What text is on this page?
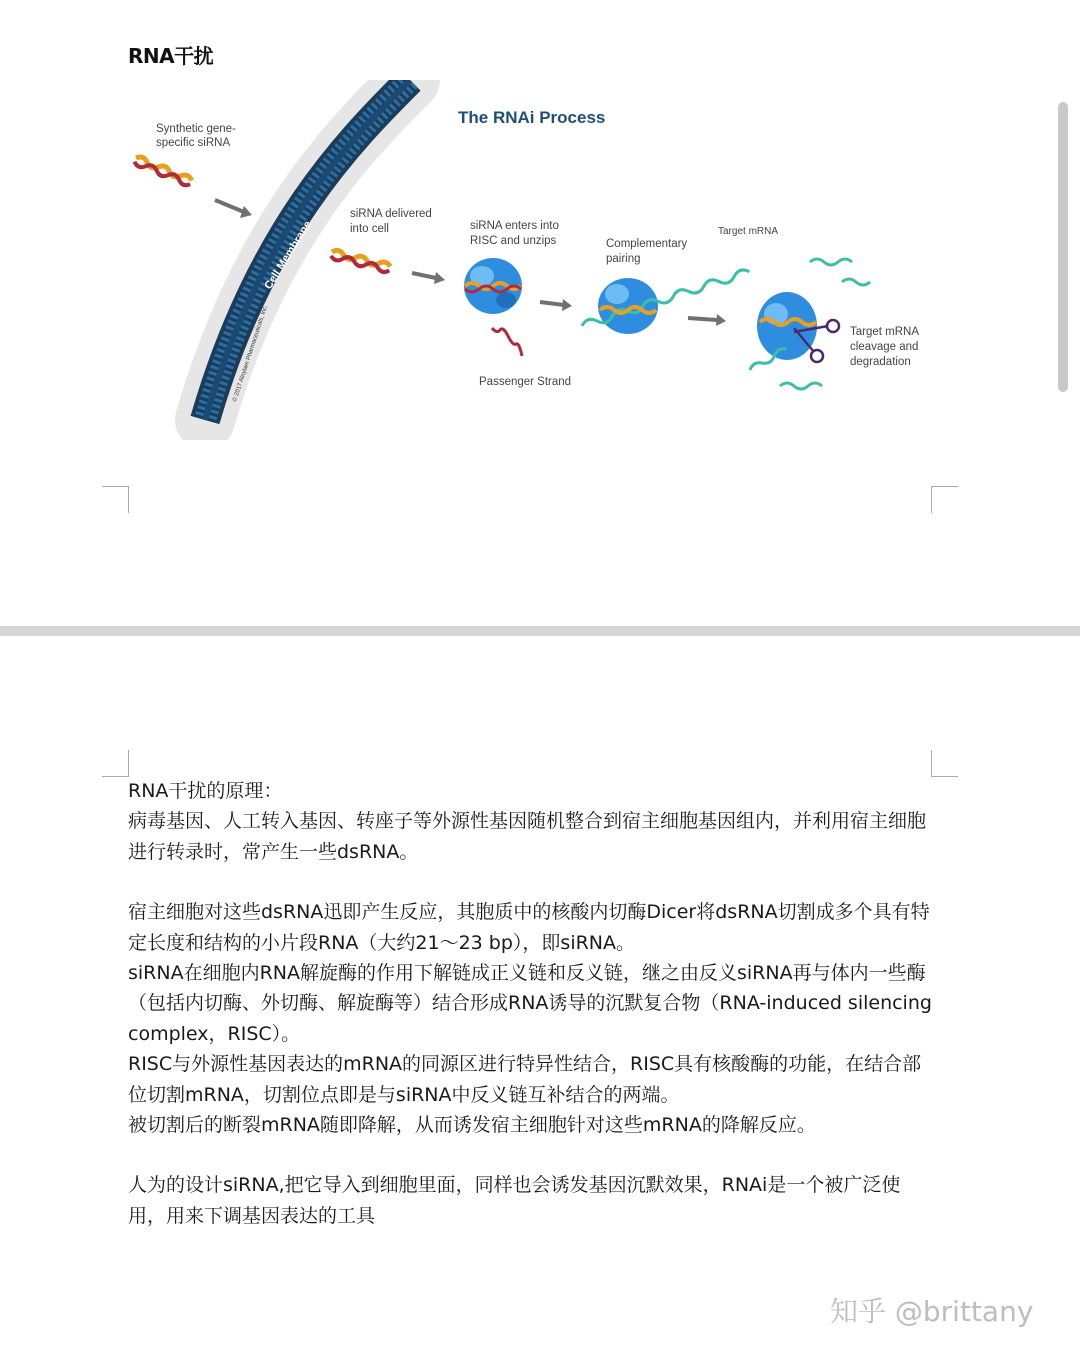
RNA干扰
Cell Membrane
© 2017 Alnylam Pharmaceuticals, Inc.
The RNAi Process
Synthetic gene-
specific siRNA
siRNA delivered
into cell	siRNA enters into
RISC and unzips
Passenger Strand
Complementary
pairing
Target mRNA
Target mRNA
cleavage and
degradation

RNA干扰的原理：

病毒基因、人工转入基因、转座子等外源性基因随机整合到宿主细胞基因组内，并利用宿主细胞进行转录时，常产生一些dsRNA。

宿主细胞对这些dsRNA迅即产生反应，其胞质中的核酸内切酶Dicer将dsRNA切割成多个具有特定长度和结构的小片段RNA（大约21～23 bp），即siRNA。

siRNA在细胞内RNA解旋酶的作用下解链成正义链和反义链，继之由反义siRNA再与体内一些酶（包括内切酶、外切酶、解旋酶等）结合形成RNA诱导的沉默复合物（RNA-induced silencing complex，RISC）。

RISC与外源性基因表达的mRNA的同源区进行特异性结合，RISC具有核酸酶的功能，在结合部位切割mRNA，切割位点即是与siRNA中反义链互补结合的两端。

被切割后的断裂mRNA随即降解，从而诱发宿主细胞针对这些mRNA的降解反应。

人为的设计siRNA,把它导入到细胞里面，同样也会诱发基因沉默效果，RNAi是一个被广泛使用，用来下调基因表达的工具

知乎 @brittany
